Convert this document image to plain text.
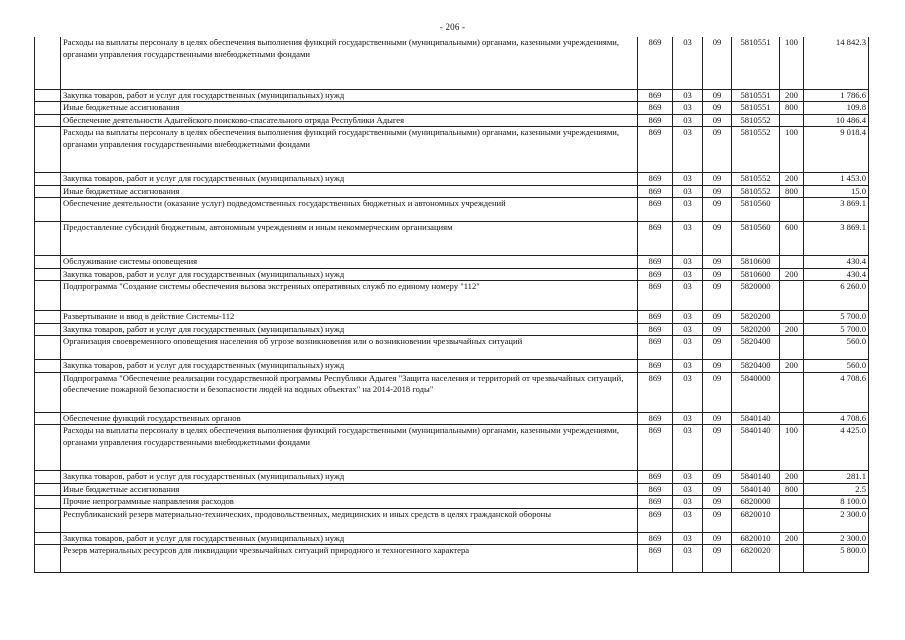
- 206 -
	Расходы на выплаты персоналу в целях обеспечения выполнения функций государственными (муниципальными) органами, казенными учреждениями, органами управления государственными внебюджетными фондами	869	03	09	5810551	100	14 842.3
	Закупка товаров, работ и услуг для государственных (муниципальных) нужд	869	03	09	5810551	200	1 786.6
	Иные бюджетные ассигнования	869	03	09	5810551	800	109.8
	Обеспечение деятельности Адыгейского поисково-спасательного отряда Республики Адыгея	869	03	09	5810552		10 486.4
	Расходы на выплаты персоналу в целях обеспечения выполнения функций государственными (муниципальными) органами, казенными учреждениями, органами управления государственными внебюджетными фондами	869	03	09	5810552	100	9 018.4
	Закупка товаров, работ и услуг для государственных (муниципальных) нужд	869	03	09	5810552	200	1 453.0
	Иные бюджетные ассигнования	869	03	09	5810552	800	15.0
	Обеспечение деятельности (оказание услуг) подведомственных государственных бюджетных и автономных учреждений	869	03	09	5810560		3 869.1
	Предоставление субсидий бюджетным, автономным учреждениям и иным некоммерческим организациям	869	03	09	5810560	600	3 869.1
	Обслуживание системы оповещения	869	03	09	5810600		430.4
	Закупка товаров, работ и услуг для государственных (муниципальных) нужд	869	03	09	5810600	200	430.4
	Подпрограмма "Создание системы обеспечения вызова экстренных оперативных служб по единому номеру "112"	869	03	09	5820000		6 260.0
	Развертывание и ввод в действие Системы-112	869	03	09	5820200		5 700.0
	Закупка товаров, работ и услуг для государственных (муниципальных) нужд	869	03	09	5820200	200	5 700.0
	Организация своевременного оповещения населения об угрозе возникновения или о возникновении чрезвычайных ситуаций	869	03	09	5820400		560.0
	Закупка товаров, работ и услуг для государственных (муниципальных) нужд	869	03	09	5820400	200	560.0
	Подпрограмма "Обеспечение реализации государственной программы Республики Адыгея "Защита населения и территорий от чрезвычайных ситуаций, обеспечение пожарной безопасности и безопасности людей на водных объектах" на 2014-2018 годы"	869	03	09	5840000		4 708.6
	Обеспечение функций государственных органов	869	03	09	5840140		4 708.6
	Расходы на выплаты персоналу в целях обеспечения выполнения функций государственными (муниципальными) органами, казенными учреждениями, органами управления государственными внебюджетными фондами	869	03	09	5840140	100	4 425.0
	Закупка товаров, работ и услуг для государственных (муниципальных) нужд	869	03	09	5840140	200	281.1
	Иные бюджетные ассигнования	869	03	09	5840140	800	2.5
	Прочие непрограммные направления расходов	869	03	09	6820000		8 100.0
	Республиканский резерв материально-технических, продовольственных, медицинских и иных средств в целях гражданской обороны	869	03	09	6820010		2 300.0
	Закупка товаров, работ и услуг для государственных (муниципальных) нужд	869	03	09	6820010	200	2 300.0
	Резерв материальных ресурсов для ликвидации чрезвычайных ситуаций природного и техногенного характера	869	03	09	6820020		5 800.0
